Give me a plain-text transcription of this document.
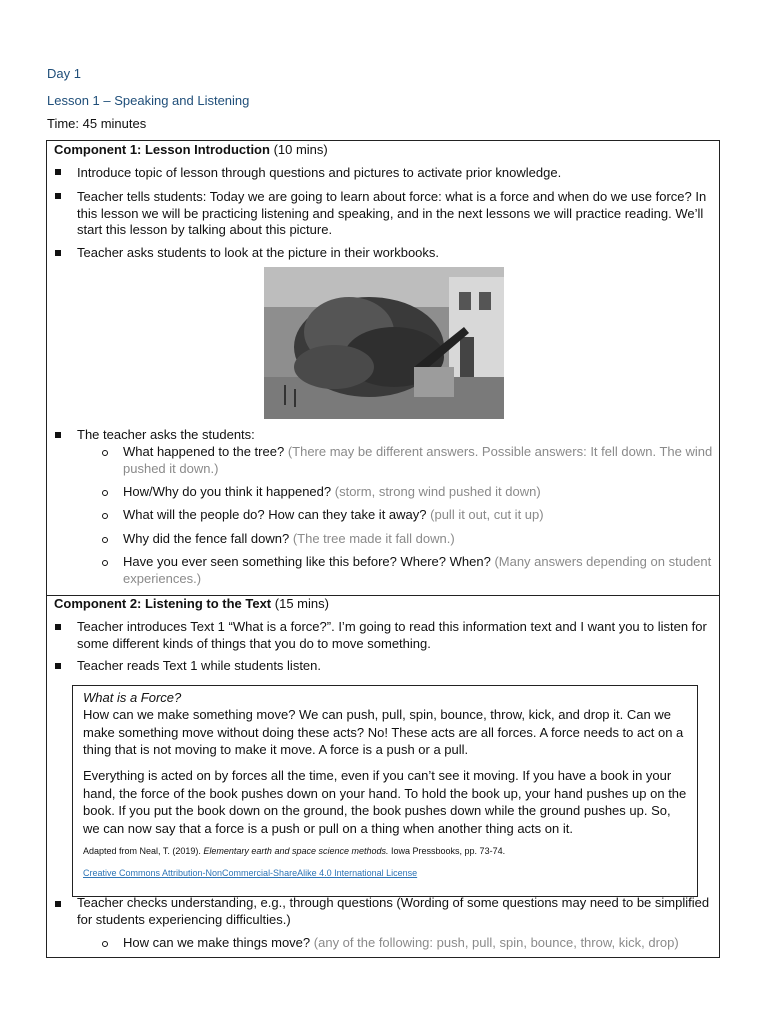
Day 1
Lesson 1 – Speaking and Listening
Time: 45 minutes
Component 1: Lesson Introduction (10 mins)
Introduce topic of lesson through questions and pictures to activate prior knowledge.
Teacher tells students: Today we are going to learn about force: what is a force and when do we use force? In this lesson we will be practicing listening and speaking, and in the next lessons we will practice reading. We’ll start this lesson by talking about this picture.
Teacher asks students to look at the picture in their workbooks.
The teacher asks the students:
What happened to the tree? (There may be different answers. Possible answers: It fell down. The wind pushed it down.)
How/Why do you think it happened? (storm, strong wind pushed it down)
What will the people do? How can they take it away? (pull it out, cut it up)
Why did the fence fall down? (The tree made it fall down.)
Have you ever seen something like this before? Where? When? (Many answers depending on student experiences.)
Component 2: Listening to the Text (15 mins)
Teacher introduces Text 1 “What is a force?”. I’m going to read this information text and I want you to listen for some different kinds of things that you do to move something.
Teacher reads Text 1 while students listen.
What is a Force?
How can we make something move? We can push, pull, spin, bounce, throw, kick, and drop it. Can we make something move without doing these acts? No! These acts are all forces. A force needs to act on a thing that is not moving to make it move. A force is a push or a pull.
Everything is acted on by forces all the time, even if you can’t see it moving. If you have a book in your hand, the force of the book pushes down on your hand. To hold the book up, your hand pushes up on the book. If you put the book down on the ground, the book pushes down while the ground pushes up. So, we can now say that a force is a push or pull on a thing when another thing acts on it.
Adapted from Neal, T. (2019). Elementary earth and space science methods. Iowa Pressbooks, pp. 73-74.
Creative Commons Attribution-NonCommercial-ShareAlike 4.0 International License
Teacher checks understanding, e.g., through questions (Wording of some questions may need to be simplified for students experiencing difficulties.)
How can we make things move? (any of the following: push, pull, spin, bounce, throw, kick, drop)
